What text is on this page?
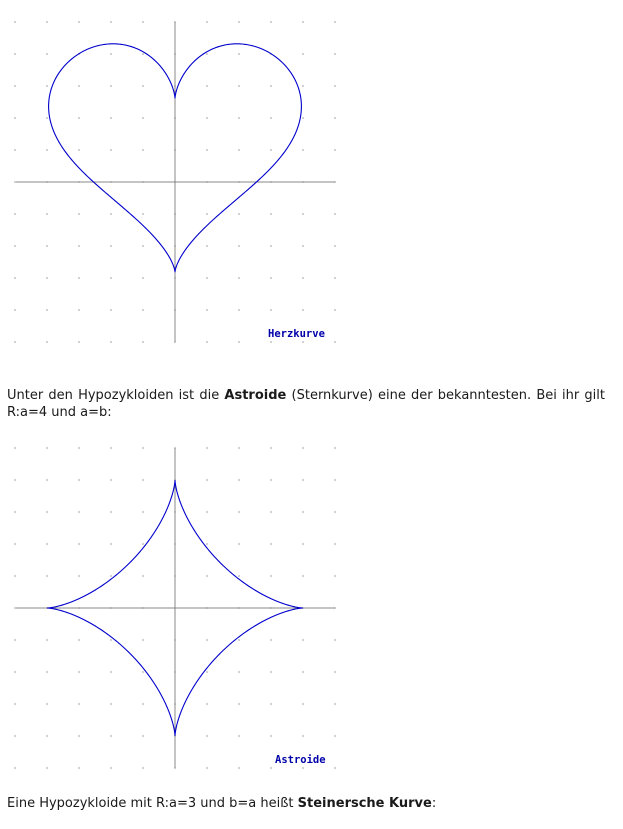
Herzkurve

Unter den Hypozykloiden ist die Astroide (Sternkurve) eine der bekanntesten. Bei ihr gilt R:a=4 und a=b:

Astroide

Eine Hypozykloide mit R:a=3 und b=a heißt Steinersche Kurve:
